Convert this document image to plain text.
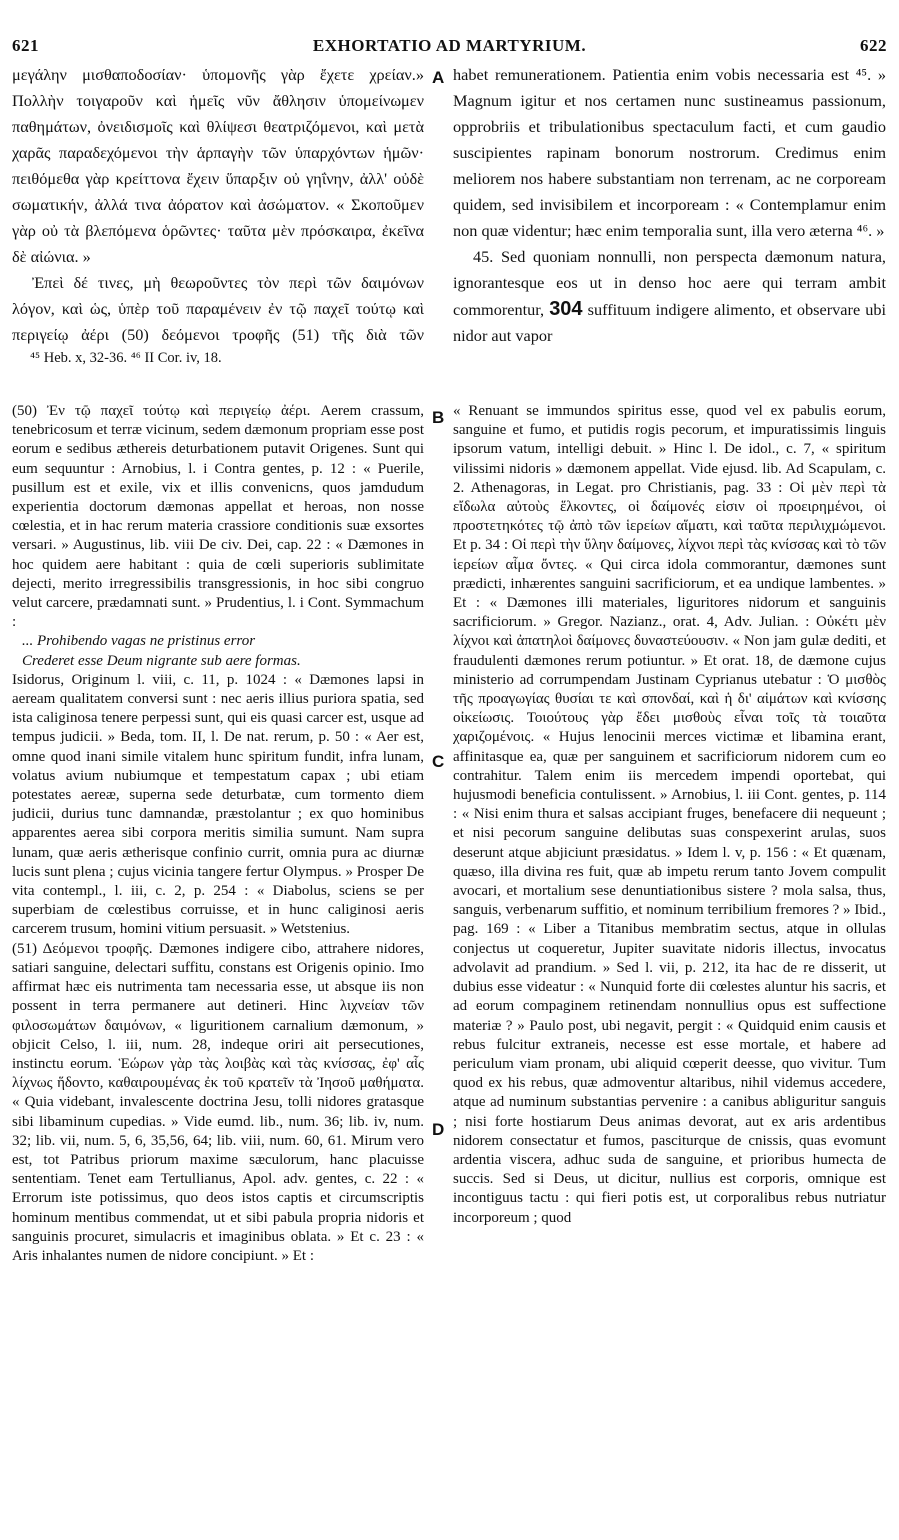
621	EXHORTATIO AD MARTYRIUM.	622

μεγάλην μισθαποδοσίαν· ὑπομονῆς γὰρ ἔχετε χρείαν.» Πολλὴν τοιγαροῦν καὶ ἡμεῖς νῦν ἄθλησιν ὑπομείνωμεν παθημάτων, ὀνειδισμοῖς καὶ θλίψεσι θεατριζόμενοι, καὶ μετὰ χαρᾶς παραδεχόμενοι τὴν ἁρπαγὴν τῶν ὑπαρχόντων ἡμῶν· πειθόμεθα γὰρ κρείττονα ἔχειν ὕπαρξιν οὐ γηΐνην, ἀλλ' οὐδὲ σωματικήν, ἀλλά τινα ἀόρατον καὶ ἀσώματον. « Σκοποῦμεν γὰρ οὐ τὰ βλεπόμενα ὁρῶντες· ταῦτα μὲν πρόσκαιρα, ἐκεῖνα δὲ αἰώνια. »

Ἐπεὶ δέ τινες, μὴ θεωροῦντες τὸν περὶ τῶν δαιμόνων λόγον, καὶ ὡς, ὑπὲρ τοῦ παραμένειν ἐν τῷ παχεῖ τούτῳ καὶ περιγείῳ ἀέρι (50) δεόμενοι τροφῆς (51) τῆς διὰ τῶν

⁴⁵ Heb. x, 32-36. ⁴⁶ II Cor. iv, 18.

habet remunerationem. Patientia enim vobis necessaria est ⁴⁵. » Magnum igitur et nos certamen nunc sustineamus passionum, opprobriis et tribulationibus spectaculum facti, et cum gaudio suscipientes rapinam bonorum nostrorum. Credimus enim meliorem nos habere substantiam non terrenam, ac ne corpoream quidem, sed invisibilem et incorpoream : « Contemplamur enim non quæ videntur; hæc enim temporalia sunt, illa vero æterna ⁴⁶. »

45. Sed quoniam nonnulli, non perspecta dæmonum natura, ignorantesque eos ut in denso hoc aere qui terram ambit commorentur, 304 suffituum indigere alimento, et observare ubi nidor aut vapor

A
B
C
D

(50) Ἐν τῷ παχεῖ τούτῳ καὶ περιγείῳ ἀέρι. Aerem crassum, tenebricosum et terræ vicinum, sedem dæmonum propriam esse post eorum e sedibus æthereis deturbationem putavit Origenes. Sunt qui eum sequuntur : Arnobius, l. i Contra gentes, p. 12 : « Puerile, pusillum est et exile, vix et illis convenicns, quos jamdudum experientia doctorum dæmonas appellat et heroas, non nosse cœlestia, et in hac rerum materia crassiore conditionis suæ exsortes versari. » Augustinus, lib. viii De civ. Dei, cap. 22 : « Dæmones in hoc quidem aere habitant : quia de cœli superioris sublimitate dejecti, merito irregressibilis transgressionis, in hoc sibi congruo velut carcere, prædamnati sunt. » Prudentius, l. i Cont. Symmachum :

... Prohibendo vagas ne pristinus error

Crederet esse Deum nigrante sub aere formas.

Isidorus, Originum l. viii, c. 11, p. 1024 : « Dæmones lapsi in aeream qualitatem conversi sunt : nec aeris illius puriora spatia, sed ista caliginosa tenere perpessi sunt, qui eis quasi carcer est, usque ad tempus judicii. » Beda, tom. II, l. De nat. rerum, p. 50 : « Aer est, omne quod inani simile vitalem hunc spiritum fundit, infra lunam, volatus avium nubiumque et tempestatum capax ; ubi etiam potestates aereæ, superna sede deturbatæ, cum tormento diem judicii, durius tunc damnandæ, præstolantur ; ex quo hominibus apparentes aerea sibi corpora meritis similia sumunt. Nam supra lunam, quæ aeris ætherisque confinio currit, omnia pura ac diurnæ lucis sunt plena ; cujus vicinia tangere fertur Olympus. » Prosper De vita contempl., l. iii, c. 2, p. 254 : « Diabolus, sciens se per superbiam de cœlestibus corruisse, et in hunc caliginosi aeris carcerem trusum, homini vitium persuasit. » Wetstenius.

(51) Δεόμενοι τροφῆς. Dæmones indigere cibo, attrahere nidores, satiari sanguine, delectari suffitu, constans est Origenis opinio. Imo affirmat hæc eis nutrimenta tam necessaria esse, ut absque iis non possent in terra permanere aut detineri. Hinc λιχνείαν τῶν φιλοσωμάτων δαιμόνων, « liguritionem carnalium dæmonum, » objicit Celso, l. iii, num. 28, indeque oriri ait persecutiones, instinctu eorum. Ἑώρων γὰρ τὰς λοιβὰς καὶ τὰς κνίσσας, ἐφ' αἷς λίχνως ἥδοντο, καθαιρουμένας ἐκ τοῦ κρατεῖν τὰ Ἰησοῦ μαθήματα. « Quia videbant, invalescente doctrina Jesu, tolli nidores gratasque sibi libaminum cupedias. » Vide eumd. lib., num. 36; lib. iv, num. 32; lib. vii, num. 5, 6, 35,56, 64; lib. viii, num. 60, 61. Mirum vero est, tot Patribus priorum maxime sæculorum, hanc placuisse sententiam. Tenet eam Tertullianus, Apol. adv. gentes, c. 22 : « Errorum iste potissimus, quo deos istos captis et circumscriptis hominum mentibus commendat, ut et sibi pabula propria nidoris et sanguinis procuret, simulacris et imaginibus oblata. » Et c. 23 : « Aris inhalantes numen de nidore concipiunt. » Et :

« Renuant se immundos spiritus esse, quod vel ex pabulis eorum, sanguine et fumo, et putidis rogis pecorum, et impuratissimis linguis ipsorum vatum, intelligi debuit. » Hinc l. De idol., c. 7, « spiritum vilissimi nidoris » dæmonem appellat. Vide ejusd. lib. Ad Scapulam, c. 2. Athenagoras, in Legat. pro Christianis, pag. 33 : Οἱ μὲν περὶ τὰ εἴδωλα αὐτοὺς ἕλκοντες, οἱ δαίμονές εἰσιν οἱ προειρημένοι, οἱ προστετηκότες τῷ ἀπὸ τῶν ἱερείων αἵματι, καὶ ταῦτα περιλιχμώμενοι. Et p. 34 : Οἱ περὶ τὴν ὕλην δαίμονες, λίχνοι περὶ τὰς κνίσσας καὶ τὸ τῶν ἱερείων αἷμα ὄντες. « Qui circa idola commorantur, dæmones sunt prædicti, inhærentes sanguini sacrificiorum, et ea undique lambentes. » Et : « Dæmones illi materiales, liguritores nidorum et sanguinis sacrificiorum. » Gregor. Nazianz., orat. 4, Adv. Julian. : Οὐκέτι μὲν λίχνοι καὶ ἀπατηλοὶ δαίμονες δυναστεύουσιν. « Non jam gulæ dediti, et fraudulenti dæmones rerum potiuntur. » Et orat. 18, de dæmone cujus ministerio ad corrumpendam Justinam Cyprianus utebatur : Ὁ μισθὸς τῆς προαγωγίας θυσίαι τε καὶ σπονδαί, καὶ ἡ δι' αἱμάτων καὶ κνίσσης οἰκείωσις. Τοιούτους γὰρ ἔδει μισθοὺς εἶναι τοῖς τὰ τοιαῦτα χαριζομένοις. « Hujus lenocinii merces victimæ et libamina erant, affinitasque ea, quæ per sanguinem et sacrificiorum nidorem cum eo contrahitur. Talem enim iis mercedem impendi oportebat, qui hujusmodi beneficia contulissent. » Arnobius, l. iii Cont. gentes, p. 114 : « Nisi enim thura et salsas accipiant fruges, benefacere dii nequeunt ; et nisi pecorum sanguine delibutas suas conspexerint arulas, suos deserunt atque abjiciunt præsidatus. » Idem l. v, p. 156 : « Et quænam, quæso, illa divina res fuit, quæ ab impetu rerum tanto Jovem compulit avocari, et mortalium sese denuntiationibus sistere ? mola salsa, thus, sanguis, verbenarum suffitio, et nominum terribilium fremores ? » Ibid., pag. 169 : « Liber a Titanibus membratim sectus, atque in ollulas conjectus ut coqueretur, Jupiter suavitate nidoris illectus, invocatus advolavit ad prandium. » Sed l. vii, p. 212, ita hac de re disserit, ut dubius esse videatur : « Nunquid forte dii cœlestes aluntur his sacris, et ad eorum compaginem retinendam nonnullius opus est suffectione materiæ ? » Paulo post, ubi negavit, pergit : « Quidquid enim causis et rebus fulcitur extraneis, necesse est esse mortale, et habere ad periculum viam pronam, ubi aliquid cœperit deesse, quo vivitur. Tum quod ex his rebus, quæ admoventur altaribus, nihil videmus accedere, atque ad numinum substantias pervenire : a canibus abliguritur sanguis ; nisi forte hostiarum Deus animas devorat, aut ex aris ardentibus nidorem consectatur et fumos, pasciturque de cnissis, quas evomunt ardentia viscera, adhuc suda de sanguine, et prioribus humecta de succis. Sed si Deus, ut dicitur, nullius est corporis, omnique est incontiguus tactu : qui fieri potis est, ut corporalibus rebus nutriatur incorporeum ; quod
